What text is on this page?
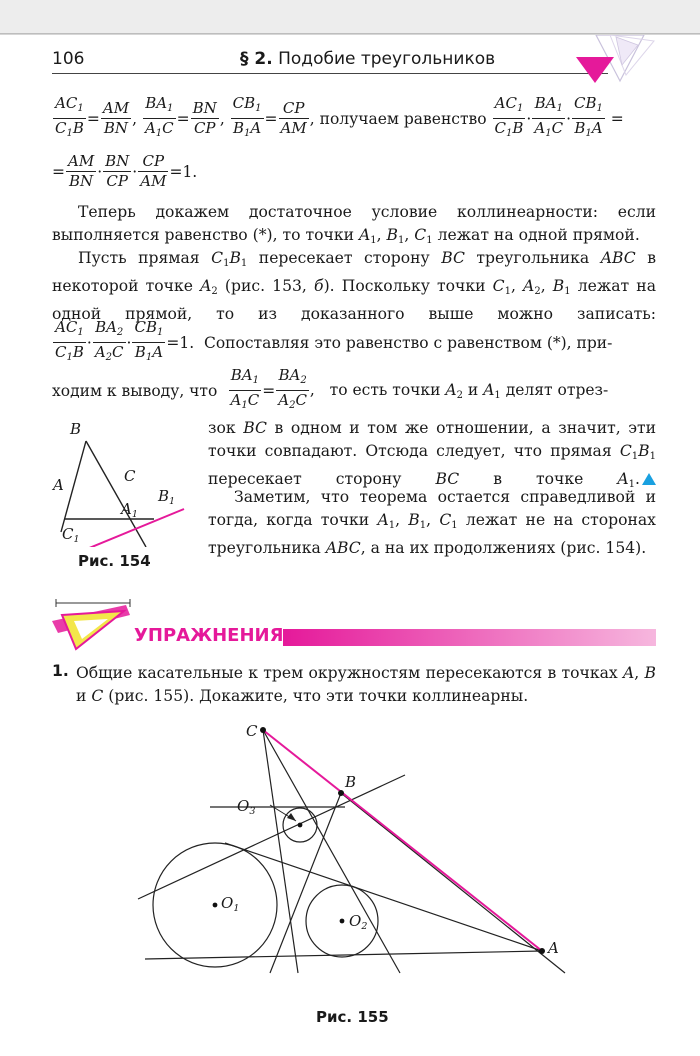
106	§ 2. Подобие треугольников
$\frac{AC_1}{C_1B} = \frac{AM}{BN}$ , $\frac{BA_1}{A_1C} = \frac{BN}{CP}$ , $\frac{CB_1}{B_1A} = \frac{CP}{AM}$ , получаем равенство $\frac{AC_1}{C_1B} \cdot \frac{BA_1}{A_1C} \cdot \frac{CB_1}{B_1A}$ =
= $\frac{AM}{BN} \cdot \frac{BN}{CP} \cdot \frac{CP}{AM} =1$.
Теперь докажем достаточное условие коллинеарности: если выполняется равенство (*), то точки $A_1$, $B_1$, $C_1$ лежат на одной прямой.
Пусть прямая $C_1B_1$ пересекает сторону BC треугольника ABC в некоторой точке $A_2$ (рис. 153, б). Поскольку точки $C_1$, $A_2$, $B_1$ лежат на одной прямой, то из доказанного выше можно записать:
$\frac{AC_1}{C_1B} \cdot \frac{BA_2}{A_2C} \cdot \frac{CB_1}{B_1A} =1$.  Сопоставляя это равенство с равенством (*), при-
ходим к выводу, что $\frac{BA_1}{A_1C} = \frac{BA_2}{A_2C}$ ,   то есть точки $A_2$ и $A_1$ делят отрез-
зок BC в одном и том же отношении, а значит, эти точки совпадают. Отсюда следует, что прямая $C_1B_1$ пересекает сторону BC в точке $A_1$.
Заметим, что теорема остается справедливой и тогда, когда точки $A_1$, $B_1$, $C_1$ лежат не на сторонах треугольника ABC, а на их продолжениях (рис. 154).
B
A	C
$A_1$
$B_1$
$C_1$
Рис. 154
УПРАЖНЕНИЯ
1. Общие касательные к трем окружностям пересекаются в точках A, B и C (рис. 155). Докажите, что эти точки коллинеарны.
C
B
A
$O_1$
$O_2$
$O_3$
Рис. 155
